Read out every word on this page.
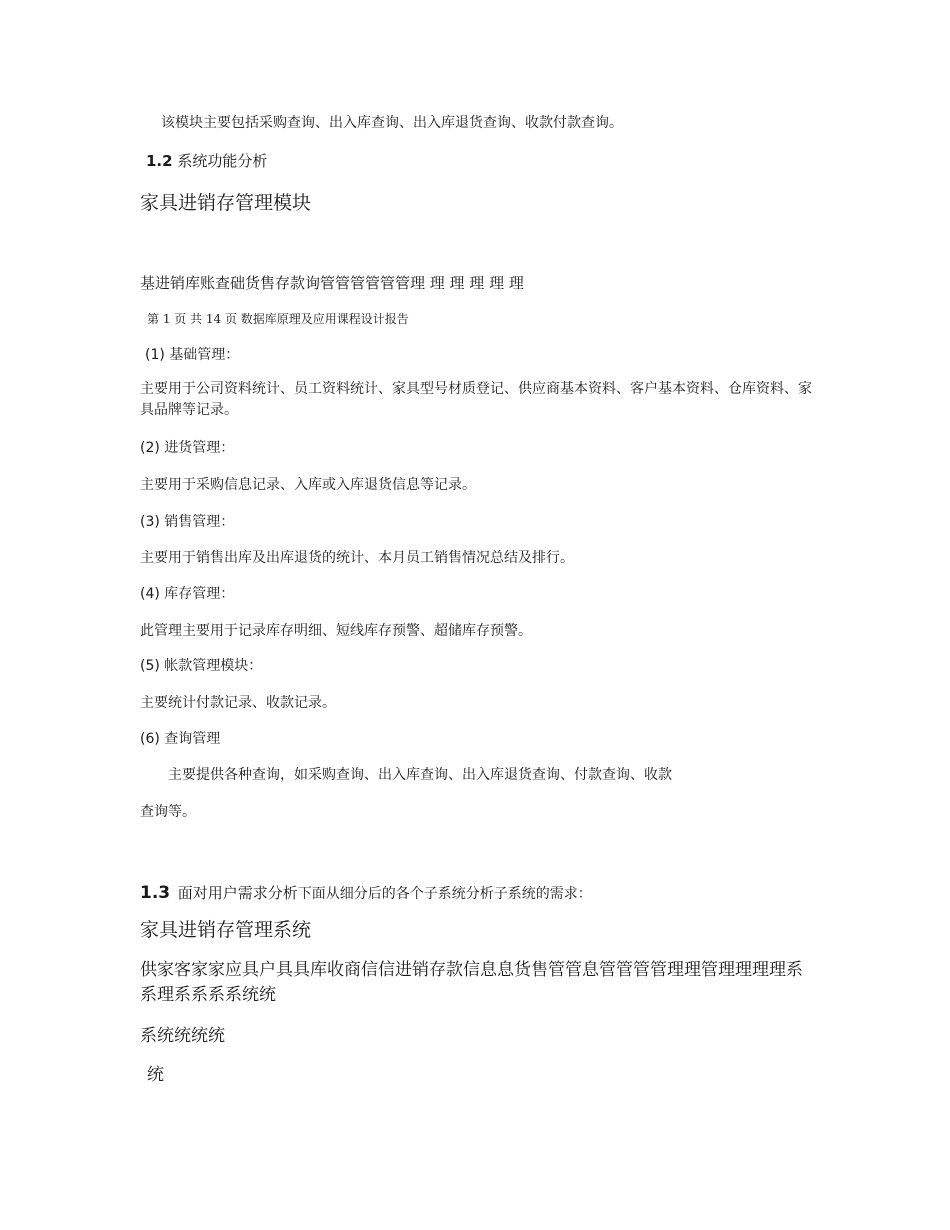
该模块主要包括采购查询、出入库查询、出入库退货查询、收款付款查询。

1.2 系统功能分析
家具进销存管理模块

基进销库账查础货售存款询管管管管管管理 理 理 理 理 理

第 1 页 共 14 页 数据库原理及应用课程设计报告

(1) 基础管理：

主要用于公司资料统计、员工资料统计、家具型号材质登记、供应商基本资料、客户基本资料、仓库资料、家具品牌等记录。

(2) 进货管理：

主要用于采购信息记录、入库或入库退货信息等记录。

(3) 销售管理：

主要用于销售出库及出库退货的统计、本月员工销售情况总结及排行。

(4) 库存管理：

此管理主要用于记录库存明细、短线库存预警、超储库存预警。

(5) 帐款管理模块：

主要统计付款记录、收款记录。

(6) 查询管理

主要提供各种查询，如采购查询、出入库查询、出入库退货查询、付款查询、收款

查询等。

1.3 面对用户需求分析下面从细分后的各个子系统分析子系统的需求：
家具进销存管理系统

供家客家家应具户具具库收商信信进销存款信息息货售管管息管管管管理理管理理理理系系理系系系系统统

系统统统统

统
